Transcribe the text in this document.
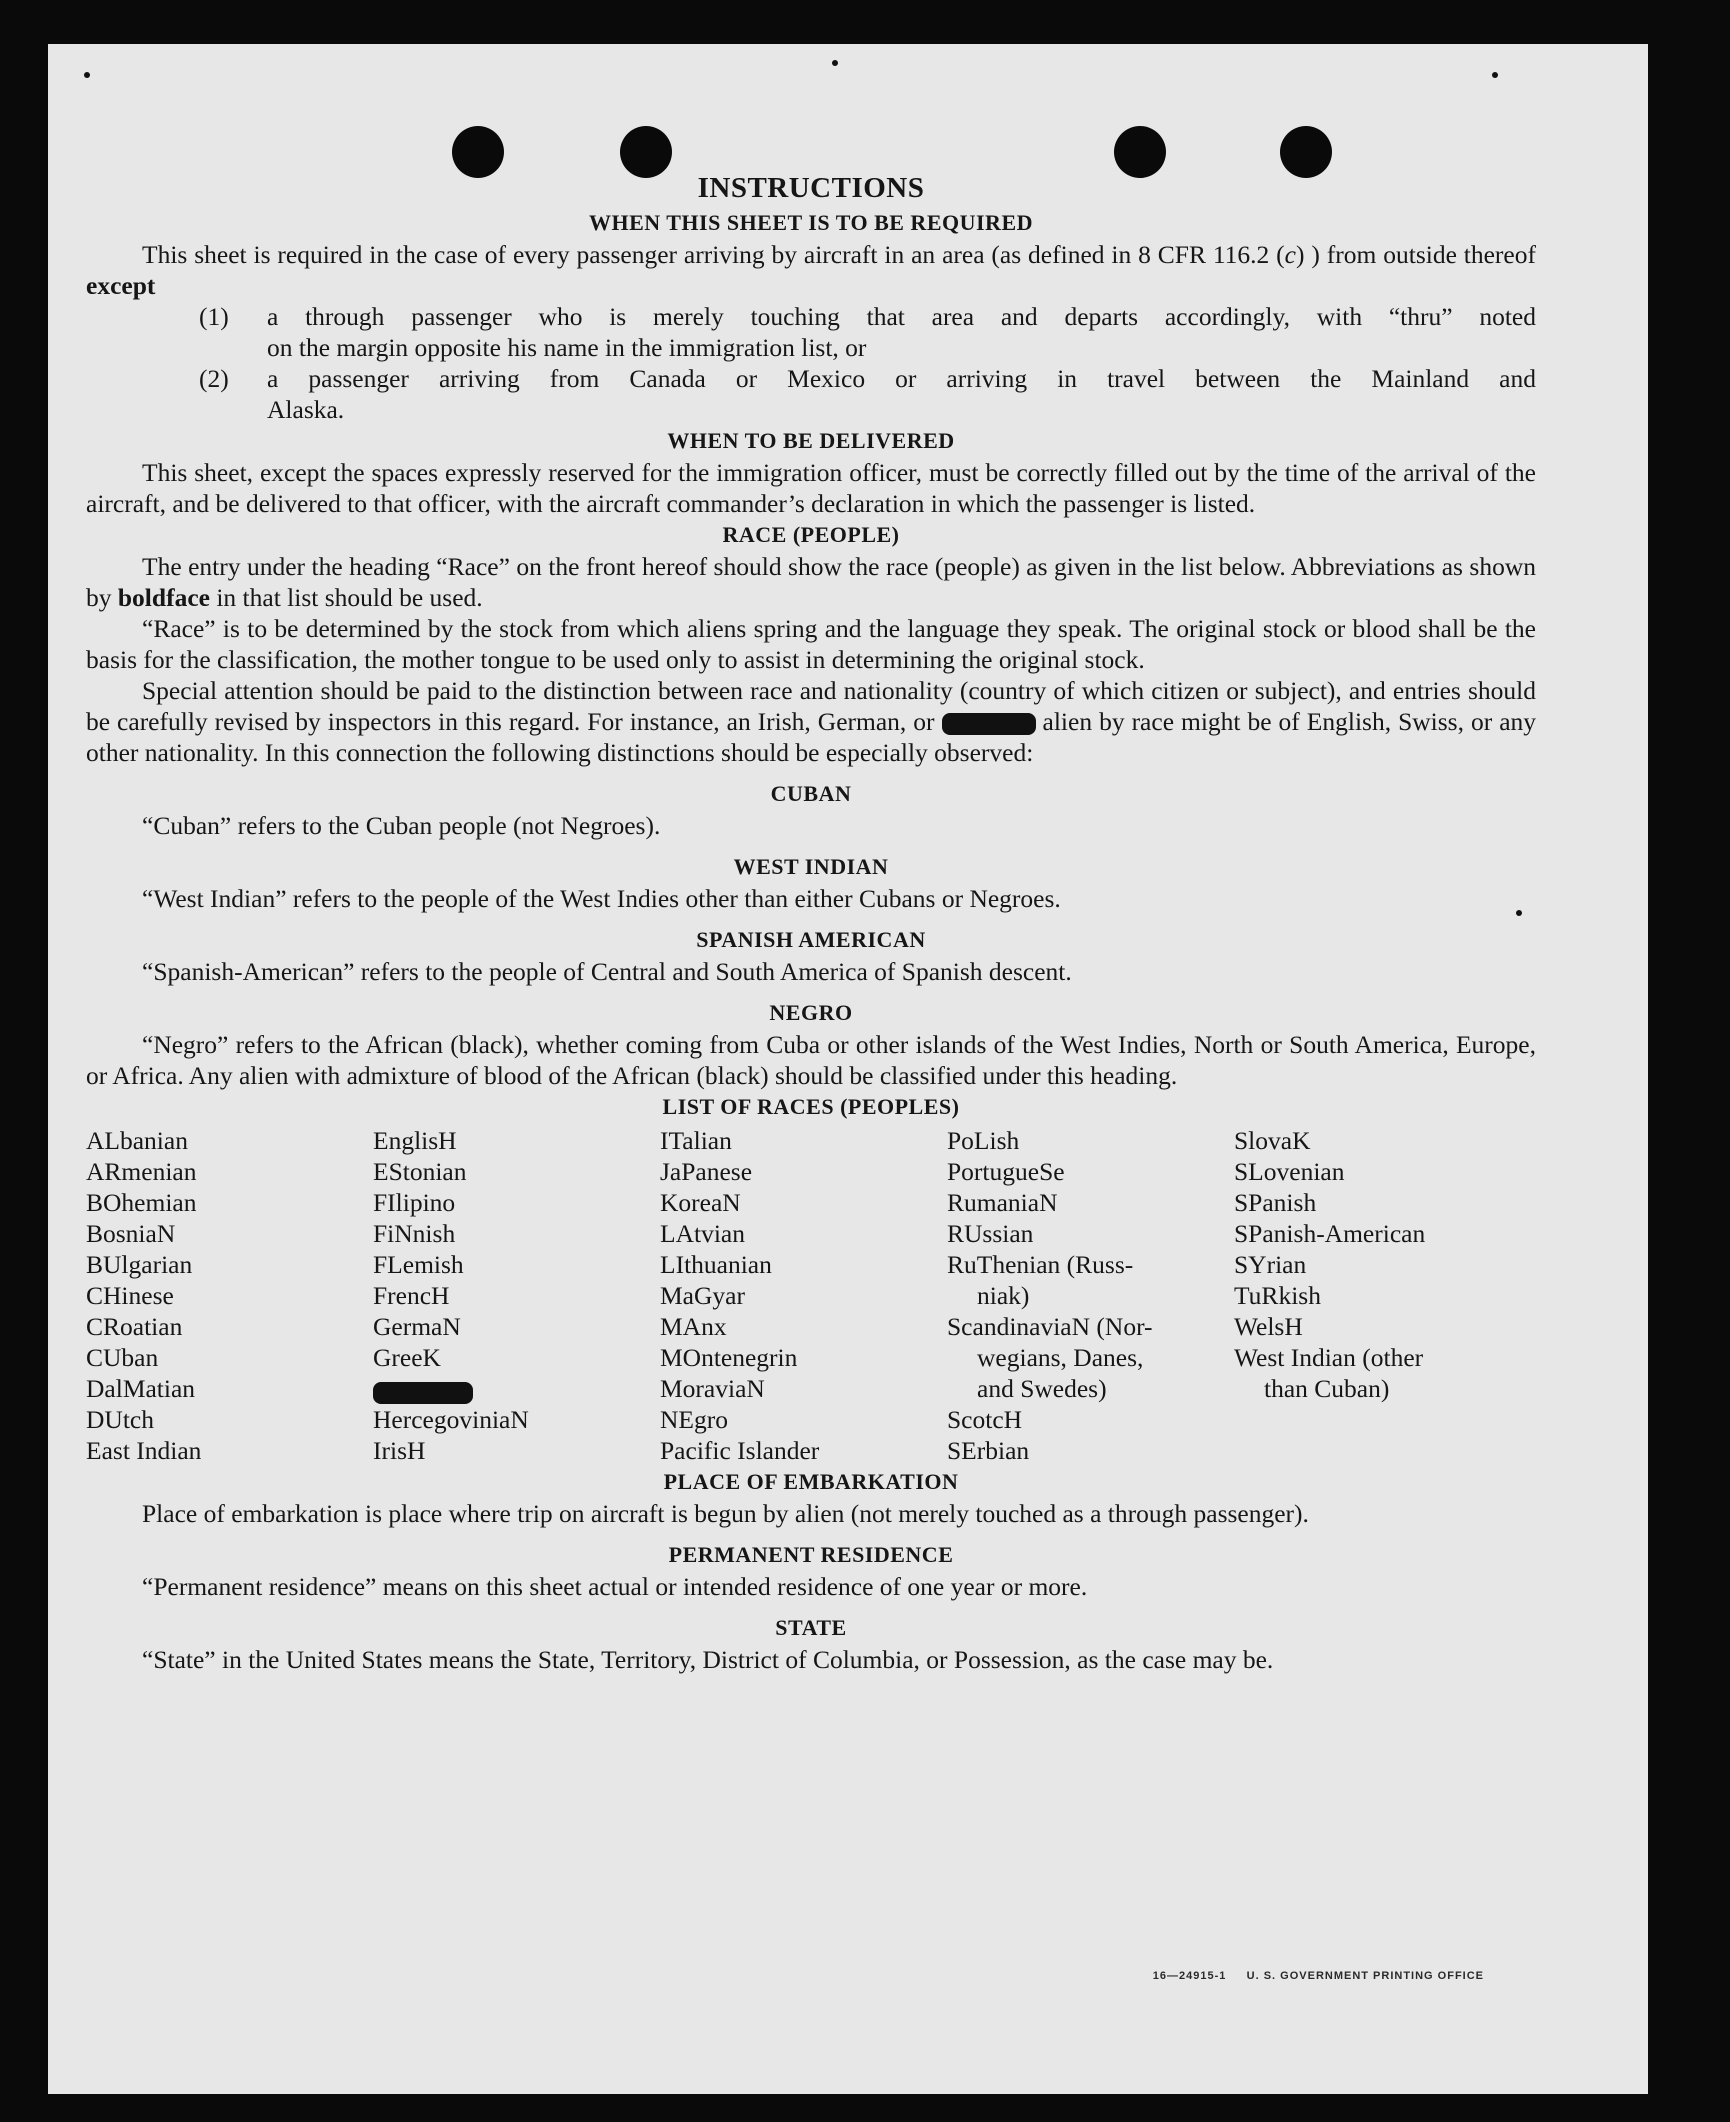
INSTRUCTIONS
WHEN THIS SHEET IS TO BE REQUIRED

This sheet is required in the case of every passenger arriving by aircraft in an area (as defined in 8 CFR 116.2 (c) ) from outside thereof except

(1)	a through passenger who is merely touching that area and departs accordingly, with “thru” noted
on the margin opposite his name in the immigration list, or
(2)	a passenger arriving from Canada or Mexico or arriving in travel between the Mainland and
Alaska.
WHEN TO BE DELIVERED

This sheet, except the spaces expressly reserved for the immigration officer, must be correctly filled out by the time of the arrival of the aircraft, and be delivered to that officer, with the aircraft commander’s declaration in which the passenger is listed.

RACE (PEOPLE)

The entry under the heading “Race” on the front hereof should show the race (people) as given in the list below. Abbreviations as shown by boldface in that list should be used.

“Race” is to be determined by the stock from which aliens spring and the language they speak. The original stock or blood shall be the basis for the classification, the mother tongue to be used only to assist in determining the original stock.

Special attention should be paid to the distinction between race and nationality (country of which citizen or subject), and entries should be carefully revised by inspectors in this regard. For instance, an Irish, German, or	alien by race might be of English, Swiss, or any other nationality. In this connection the following distinctions should be especially observed:

CUBAN

“Cuban” refers to the Cuban people (not Negroes).

WEST INDIAN

“West Indian” refers to the people of the West Indies other than either Cubans or Negroes.

SPANISH AMERICAN

“Spanish-American” refers to the people of Central and South America of Spanish descent.

NEGRO

“Negro” refers to the African (black), whether coming from Cuba or other islands of the West Indies, North or South America, Europe, or Africa. Any alien with admixture of blood of the African (black) should be classified under this heading.

LIST OF RACES (PEOPLES)
ALbanian
ARmenian
BOhemian
BosniaN
BUlgarian
CHinese
CRoatian
CUban
DalMatian
DUtch
East Indian
EnglisH
EStonian
FIlipino
FiNnish
FLemish
FrencH
GermaN
GreeK
HercegoviniaN
IrisH
ITalian
JaPanese
KoreaN
LAtvian
LIthuanian
MaGyar
MAnx
MOntenegrin
MoraviaN
NEgro
Pacific Islander
PoLish
PortugueSe
RumaniaN
RUssian
RuThenian (Russ-
niak)
ScandinaviaN (Nor-
wegians, Danes,
and Swedes)
ScotcH
SErbian
SlovaK
SLovenian
SPanish
SPanish-American
SYrian
TuRkish
WelsH
West Indian (other
than Cuban)
PLACE OF EMBARKATION

Place of embarkation is place where trip on aircraft is begun by alien (not merely touched as a through passenger).

PERMANENT RESIDENCE

“Permanent residence” means on this sheet actual or intended residence of one year or more.

STATE

“State” in the United States means the State, Territory, District of Columbia, or Possession, as the case may be.

16—24915-1 U. S. GOVERNMENT PRINTING OFFICE
